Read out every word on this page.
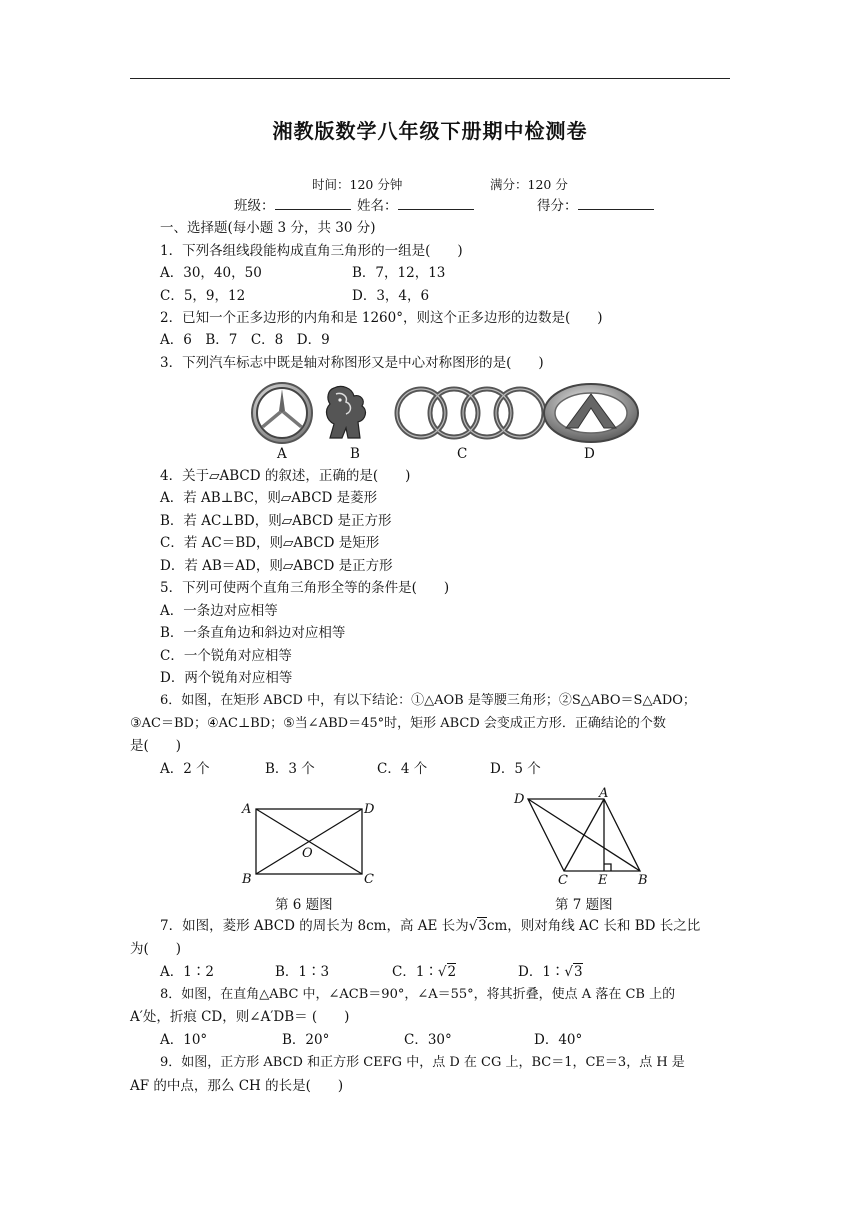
湘教版数学八年级下册期中检测卷
时间：120 分钟	满分：120 分
班级：	姓名：	得分：
一、选择题(每小题 3 分，共 30 分)
1．下列各组线段能构成直角三角形的一组是(　　)
A．30，40，50	B．7，12，13
C．5，9，12	D．3，4，6
2．已知一个正多边形的内角和是 1260°，则这个正多边形的边数是(　　)
A．6　B．7　C．8　D．9
3．下列汽车标志中既是轴对称图形又是中心对称图形的是(　　)
A	B	C	D
4．关于▱ABCD 的叙述，正确的是(　　)
A．若 AB⊥BC，则▱ABCD 是菱形
B．若 AC⊥BD，则▱ABCD 是正方形
C．若 AC＝BD，则▱ABCD 是矩形
D．若 AB＝AD，则▱ABCD 是正方形
5．下列可使两个直角三角形全等的条件是(　　)
A．一条边对应相等
B．一条直角边和斜边对应相等
C．一个锐角对应相等
D．两个锐角对应相等
6．如图，在矩形 ABCD 中，有以下结论：①△AOB 是等腰三角形；②S△ABO＝S△ADO；
③AC＝BD；④AC⊥BD；⑤当∠ABD＝45°时，矩形 ABCD 会变成正方形．正确结论的个数
是(　　)
A．2 个	B．3 个	C．4 个	D．5 个
A	D
O
B	C
第 6 题图
D	A
C E B
第 7 题图
7．如图，菱形 ABCD 的周长为 8cm，高 AE 长为√3cm，则对角线 AC 长和 BD 长之比
为(　　)
A．1∶2	B．1∶3	C．1∶√2	D．1∶√3
8．如图，在直角△ABC 中，∠ACB＝90°，∠A＝55°，将其折叠，使点 A 落在 CB 上的
A′处，折痕 CD，则∠A′DB＝ (　　)
A．10°	B．20°	C．30°	D．40°
9．如图，正方形 ABCD 和正方形 CEFG 中，点 D 在 CG 上，BC＝1，CE＝3，点 H 是
AF 的中点，那么 CH 的长是(　　)
